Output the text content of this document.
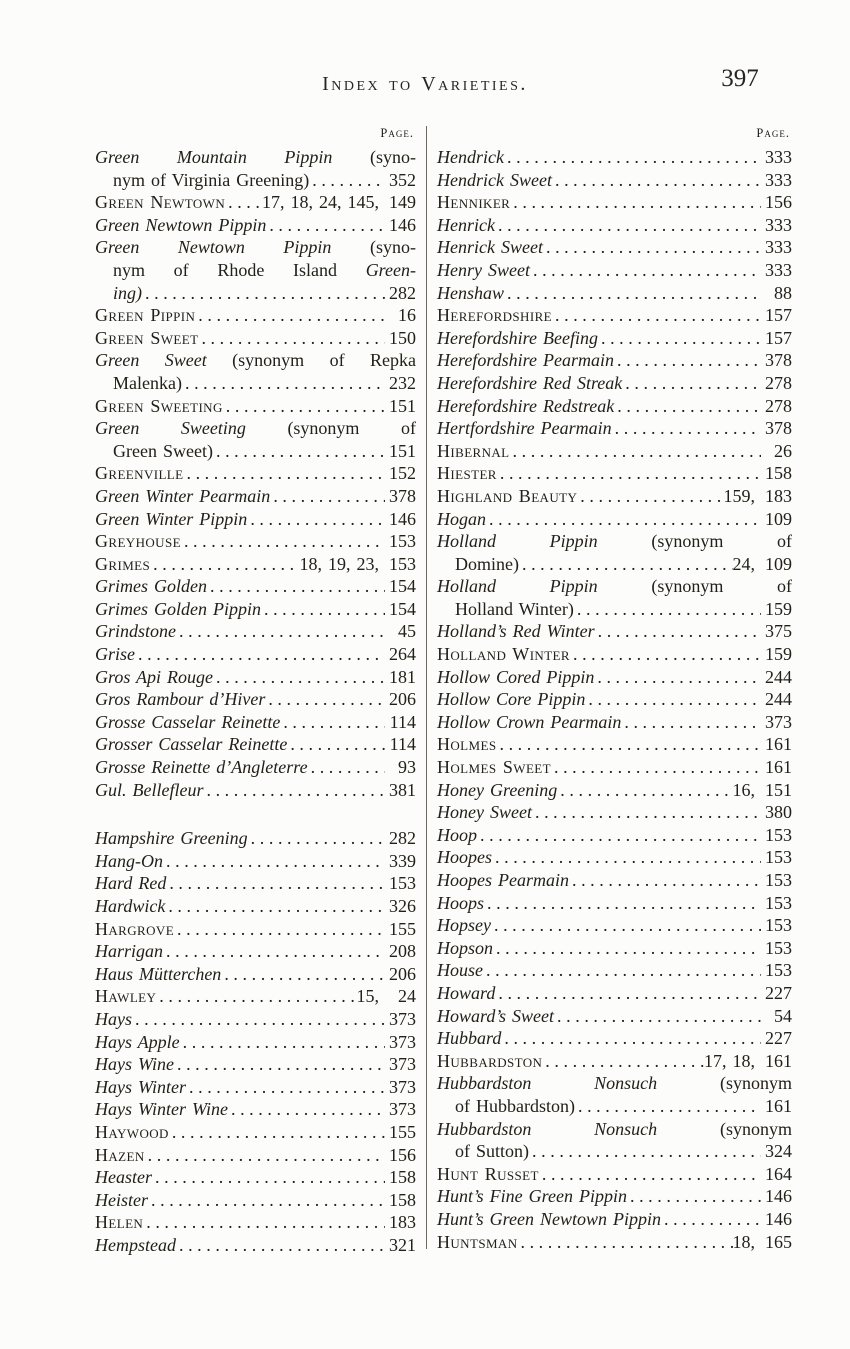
Index to Varieties.	397
Page.
Green Mountain Pippin (syno-
nym of Virginia Greening) .....	352
Green Newtown ..... 17, 18, 24, 145, 149
Green Newtown Pippin .....	146
Green Newtown Pippin (syno-
nym of Rhode Island Green-
ing) .....	282
Green Pippin .....	16
Green Sweet .....	150
Green Sweet (synonym of Repka
Malenka) .....	232
Green Sweeting .....	151
Green Sweeting (synonym of
Green Sweet) .....	151
Greenville .....	152
Green Winter Pearmain .....	378
Green Winter Pippin .....	146
Greyhouse .....	153
Grimes .....	18, 19, 23, 153
Grimes Golden .....	154
Grimes Golden Pippin .....	154
Grindstone .....	45
Grise .....	264
Gros Api Rouge .....	181
Gros Rambour d’Hiver .....	206
Grosse Casselar Reinette .....	114
Grosser Casselar Reinette .....	114
Grosse Reinette d’Angleterre .....	93
Gul. Bellefleur .....	381
Hampshire Greening .....	282
Hang-On .....	339
Hard Red .....	153
Hardwick .....	326
Hargrove .....	155
Harrigan .....	208
Haus Mütterchen .....	206
Hawley .....	15, 24
Hays .....	373
Hays Apple .....	373
Hays Wine .....	373
Hays Winter .....	373
Hays Winter Wine .....	373
Haywood .....	155
Hazen .....	156
Heaster .....	158
Heister .....	158
Helen .....	183
Hempstead .....	321
Page.
Hendrick .....	333
Hendrick Sweet .....	333
Henniker .....	156
Henrick .....	333
Henrick Sweet .....	333
Henry Sweet .....	333
Henshaw .....	88
Herefordshire .....	157
Herefordshire Beefing .....	157
Herefordshire Pearmain .....	378
Herefordshire Red Streak .....	278
Herefordshire Redstreak .....	278
Hertfordshire Pearmain .....	378
Hibernal .....	26
Hiester .....	158
Highland Beauty .....	159, 183
Hogan .....	109
Holland Pippin (synonym of
Domine) .....	24, 109
Holland Pippin (synonym of
Holland Winter) .....	159
Holland’s Red Winter .....	375
Holland Winter .....	159
Hollow Cored Pippin .....	244
Hollow Core Pippin .....	244
Hollow Crown Pearmain .....	373
Holmes .....	161
Holmes Sweet .....	161
Honey Greening .....	16, 151
Honey Sweet .....	380
Hoop .....	153
Hoopes .....	153
Hoopes Pearmain .....	153
Hoops .....	153
Hopsey .....	153
Hopson .....	153
House .....	153
Howard .....	227
Howard’s Sweet .....	54
Hubbard .....	227
Hubbardston .....	17, 18, 161
Hubbardston Nonsuch (synonym
of Hubbardston) .....	161
Hubbardston Nonsuch (synonym
of Sutton) .....	324
Hunt Russet .....	164
Hunt’s Fine Green Pippin .....	146
Hunt’s Green Newtown Pippin .....	146
Huntsman .....	18, 165
